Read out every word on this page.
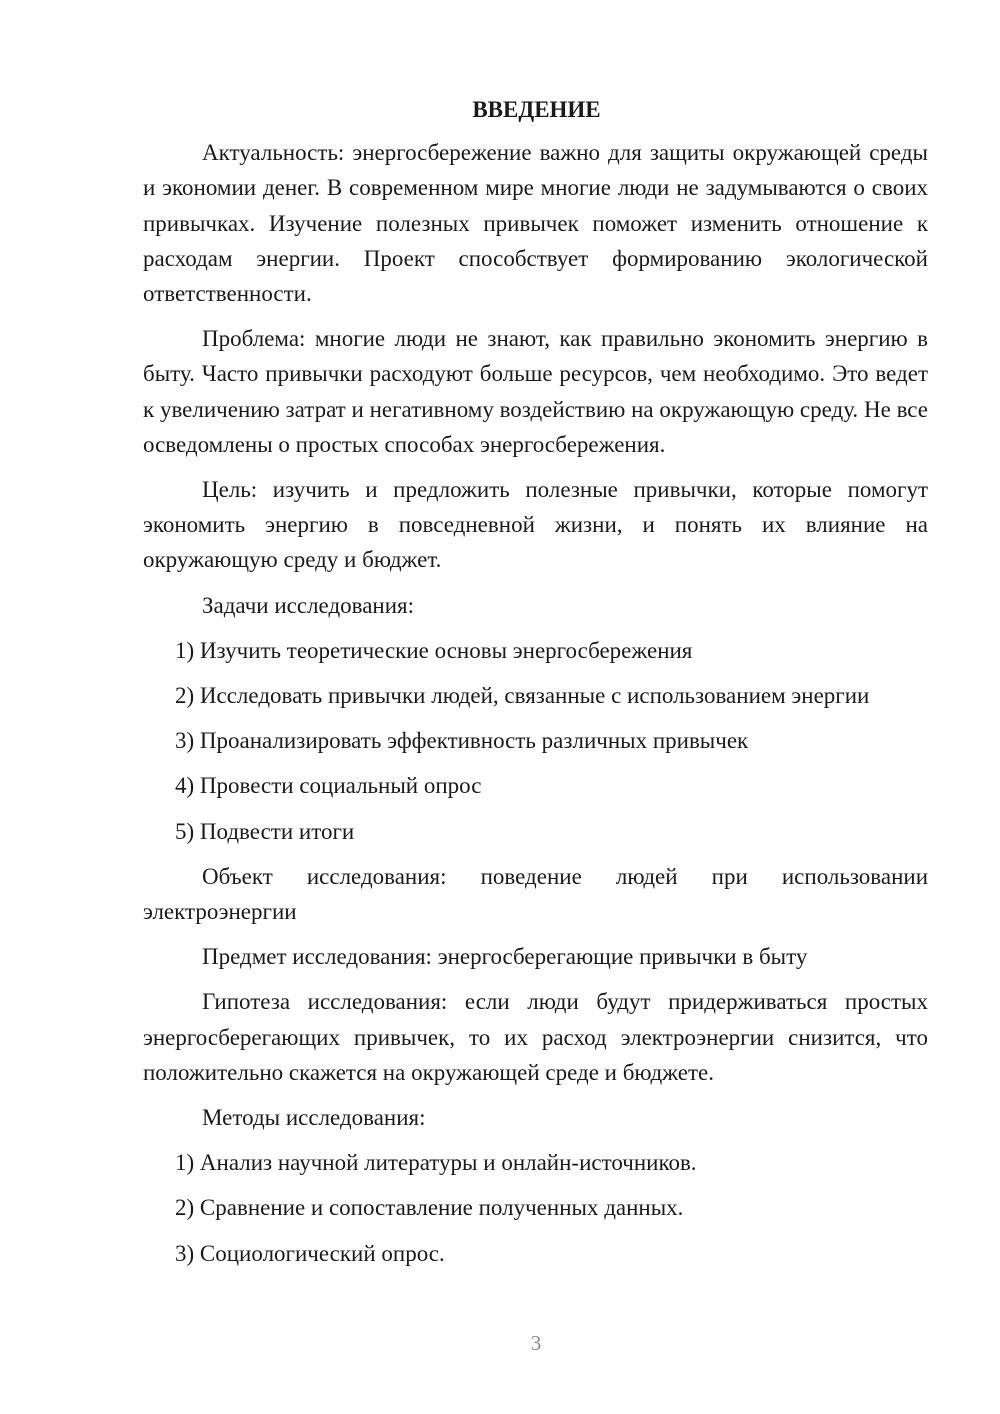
ВВЕДЕНИЕ

Актуальность: энергосбережение важно для защиты окружающей среды и экономии денег. В современном мире многие люди не задумываются о своих привычках. Изучение полезных привычек поможет изменить отношение к расходам энергии. Проект способствует формированию экологической ответственности.

Проблема: многие люди не знают, как правильно экономить энергию в быту. Часто привычки расходуют больше ресурсов, чем необходимо. Это ведет к увеличению затрат и негативному воздействию на окружающую среду. Не все осведомлены о простых способах энергосбережения.

Цель: изучить и предложить полезные привычки, которые помогут экономить энергию в повседневной жизни, и понять их влияние на окружающую среду и бюджет.

Задачи исследования:

1) Изучить теоретические основы энергосбережения

2) Исследовать привычки людей, связанные с использованием энергии

3) Проанализировать эффективность различных привычек

4) Провести социальный опрос

5) Подвести итоги

Объект исследования: поведение людей при использовании электроэнергии

Предмет исследования: энергосберегающие привычки в быту

Гипотеза исследования: если люди будут придерживаться простых энергосберегающих привычек, то их расход электроэнергии снизится, что положительно скажется на окружающей среде и бюджете.

Методы исследования:

1) Анализ научной литературы и онлайн-источников.

2) Сравнение и сопоставление полученных данных.

3) Социологический опрос.

3
